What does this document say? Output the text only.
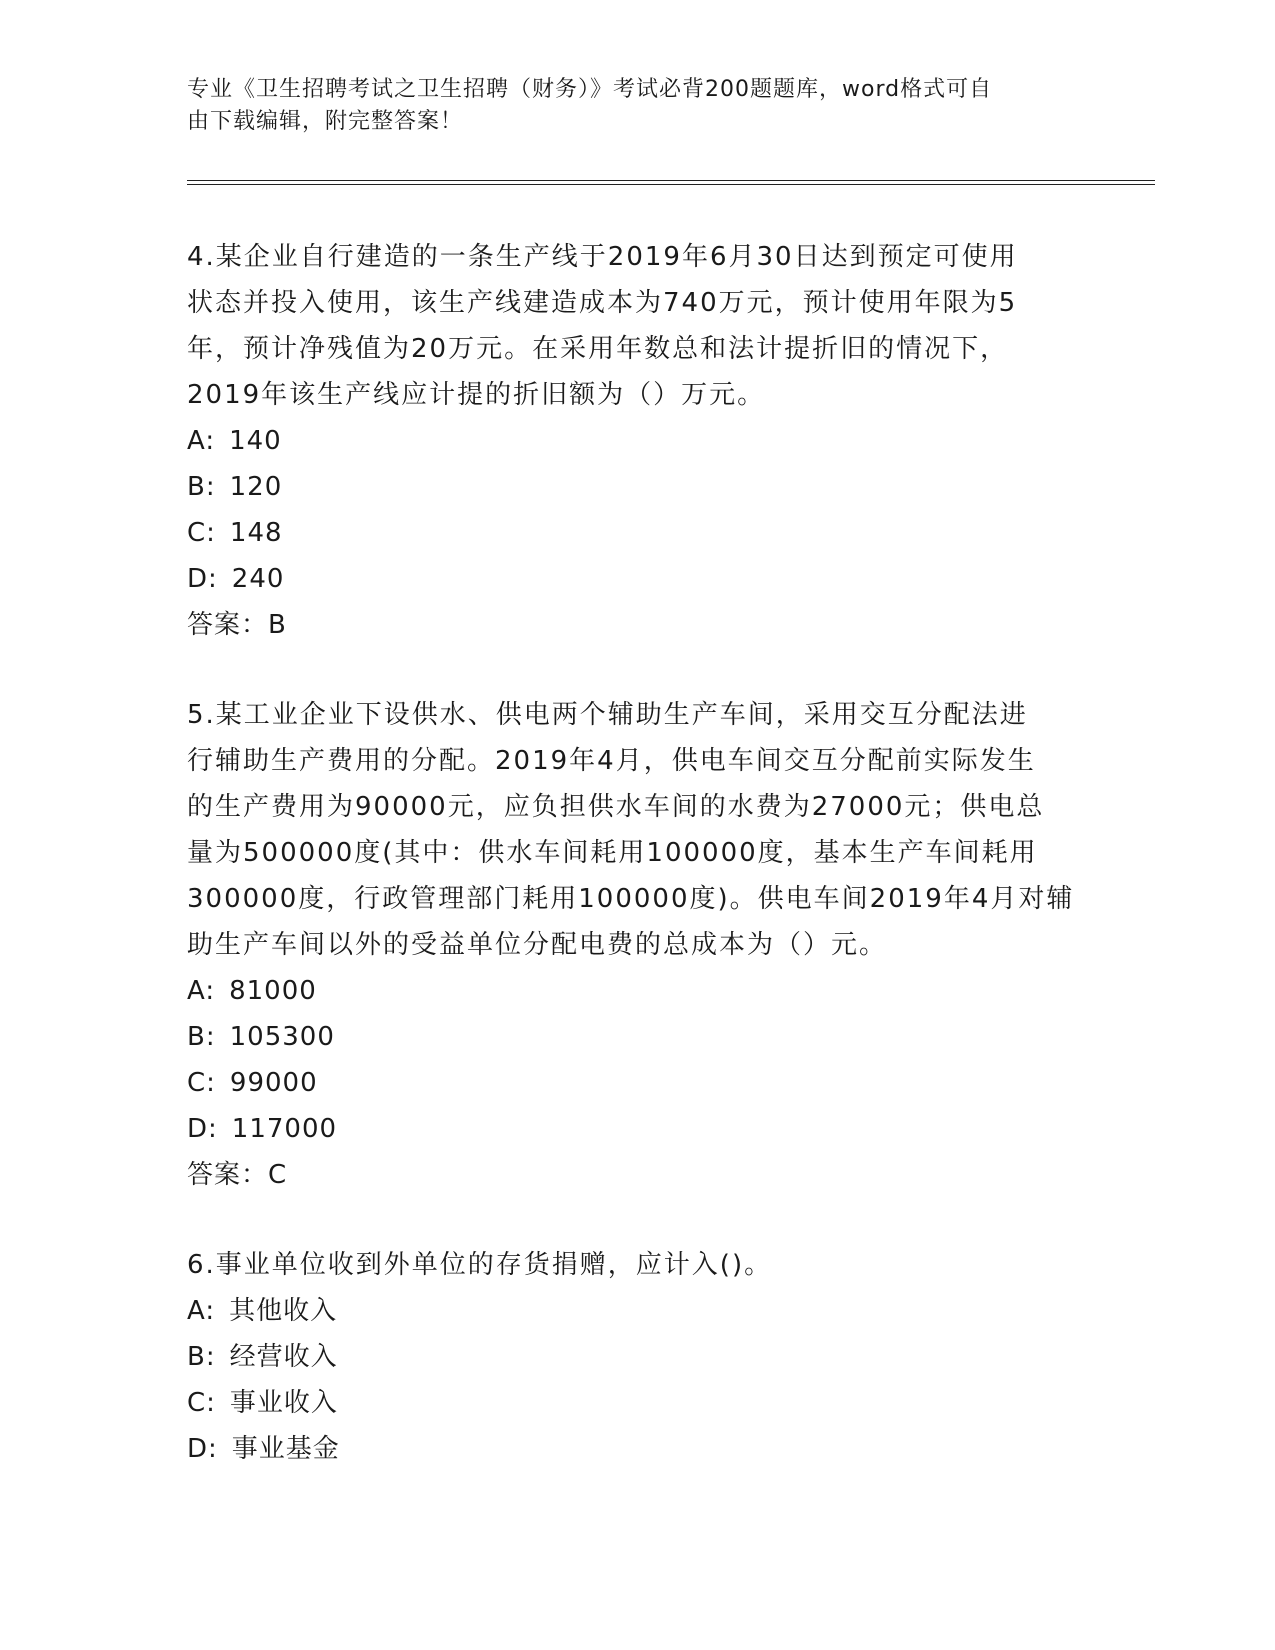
专业《卫生招聘考试之卫生招聘（财务）》考试必背200题题库，word格式可自
由下载编辑，附完整答案！
4.某企业自行建造的一条生产线于2019年6月30日达到预定可使用
状态并投入使用，该生产线建造成本为740万元，预计使用年限为5
年，预计净残值为20万元。在采用年数总和法计提折旧的情况下，
2019年该生产线应计提的折旧额为（）万元。
A: 140
B: 120
C: 148
D: 240
答案：B
5.某工业企业下设供水、供电两个辅助生产车间，采用交互分配法进
行辅助生产费用的分配。2019年4月，供电车间交互分配前实际发生
的生产费用为90000元，应负担供水车间的水费为27000元；供电总
量为500000度(其中：供水车间耗用100000度，基本生产车间耗用
300000度，行政管理部门耗用100000度)。供电车间2019年4月对辅
助生产车间以外的受益单位分配电费的总成本为（）元。
A: 81000
B: 105300
C: 99000
D: 117000
答案：C
6.事业单位收到外单位的存货捐赠，应计入()。
A: 其他收入
B: 经营收入
C: 事业收入
D: 事业基金
